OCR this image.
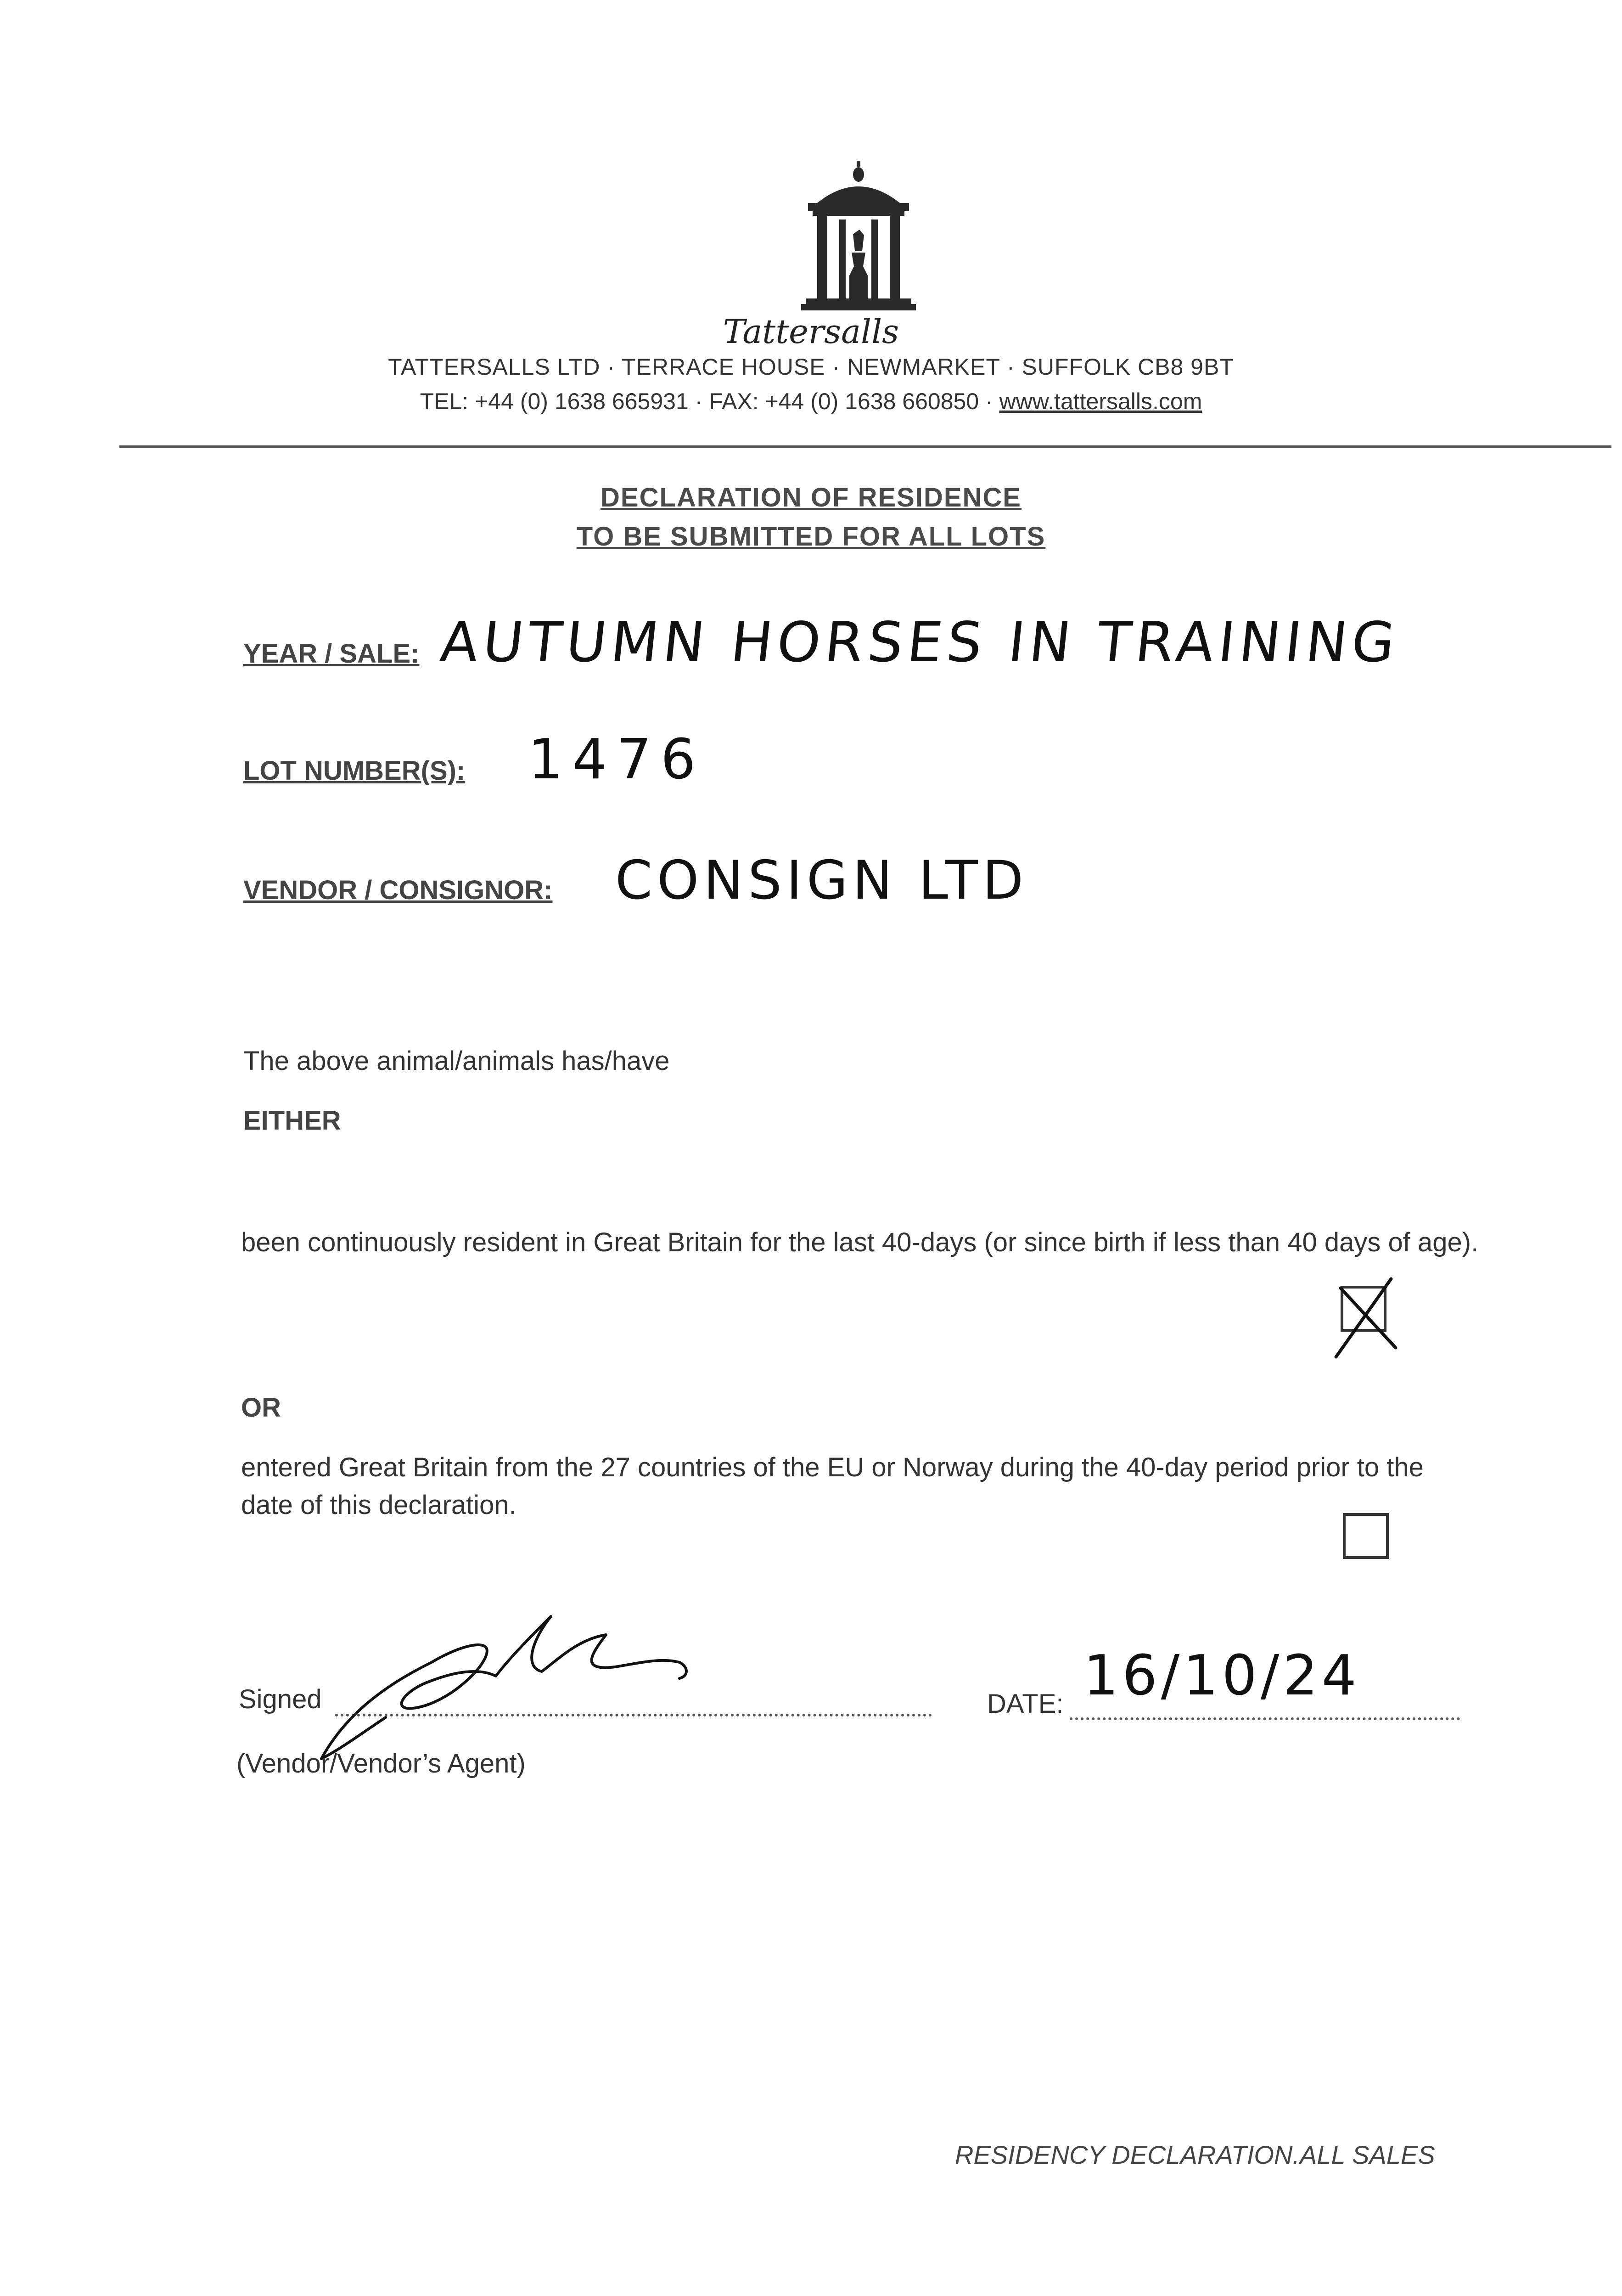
Tattersalls
TATTERSALLS LTD · TERRACE HOUSE · NEWMARKET · SUFFOLK CB8 9BT
TEL: +44 (0) 1638 665931 · FAX: +44 (0) 1638 660850 · www.tattersalls.com
DECLARATION OF RESIDENCE
TO BE SUBMITTED FOR ALL LOTS
YEAR / SALE: AUTUMN HORSES IN TRAINING
LOT NUMBER(S): 1476
VENDOR / CONSIGNOR: CONSIGN LTD
The above animal/animals has/have
EITHER
been continuously resident in Great Britain for the last 40-days (or since birth if less than 40 days of age).
OR
entered Great Britain from the 27 countries of the EU or Norway during the 40-day period prior to the date of this declaration.
Signed
(Vendor/Vendor’s Agent)
DATE: 16/10/24
RESIDENCY DECLARATION.ALL SALES
